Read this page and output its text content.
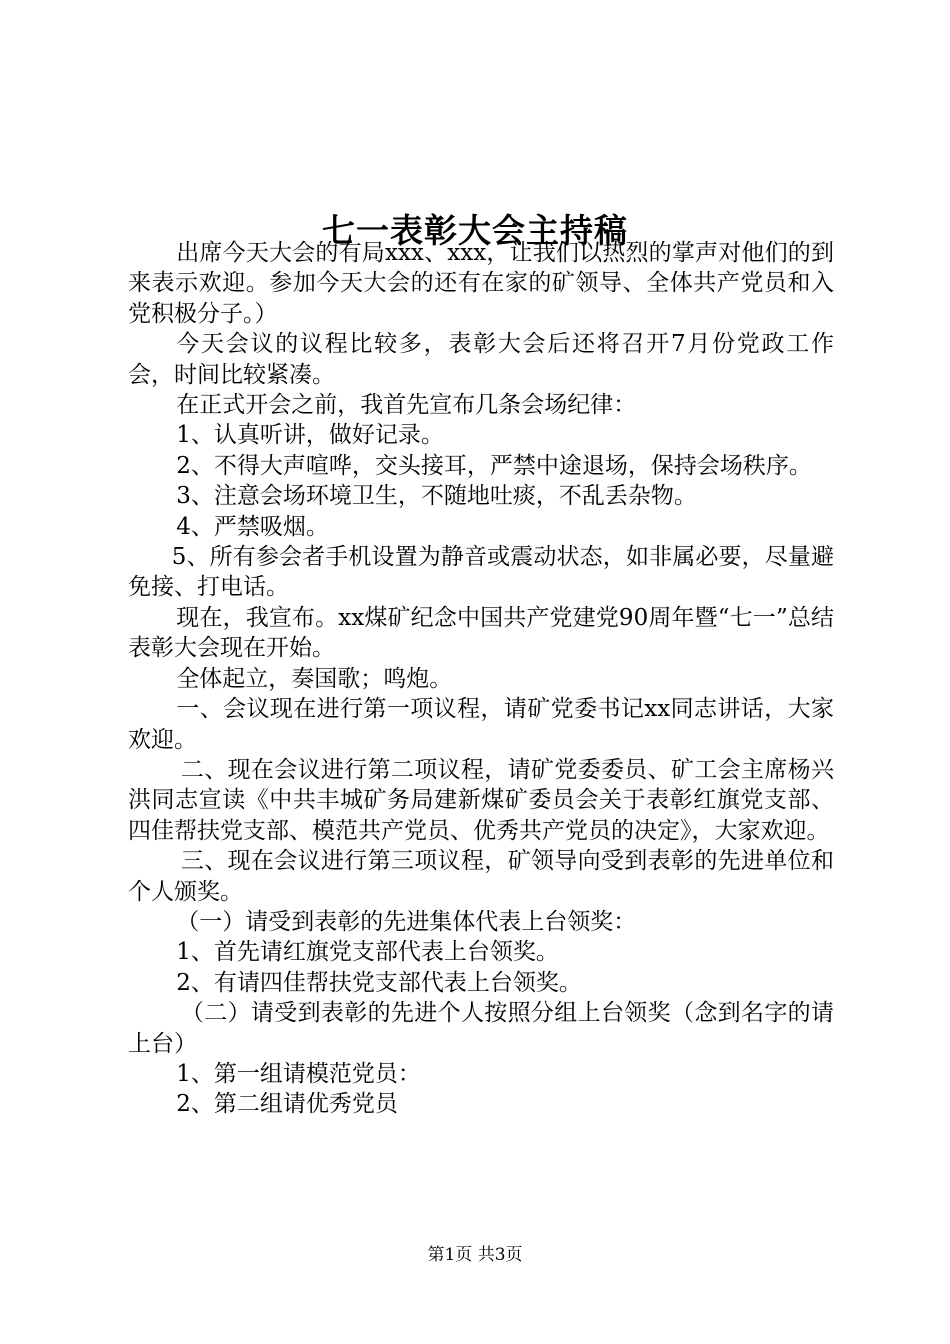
七一表彰大会主持稿

出席今天大会的有局xxx、xxx，让我们以热烈的掌声对他们的到来表示欢迎。参加今天大会的还有在家的矿领导、全体共产党员和入党积极分子。）

今天会议的议程比较多，表彰大会后还将召开7月份党政工作会，时间比较紧凑。

在正式开会之前，我首先宣布几条会场纪律：

1、认真听讲，做好记录。

2、不得大声喧哗，交头接耳，严禁中途退场，保持会场秩序。

3、注意会场环境卫生，不随地吐痰，不乱丢杂物。

4、严禁吸烟。

5、所有参会者手机设置为静音或震动状态，如非属必要，尽量避免接、打电话。

现在，我宣布。xx煤矿纪念中国共产党建党90周年暨“七一”总结表彰大会现在开始。

全体起立，奏国歌；鸣炮。

一、会议现在进行第一项议程，请矿党委书记xx同志讲话，大家欢迎。

二、现在会议进行第二项议程，请矿党委委员、矿工会主席杨兴洪同志宣读《中共丰城矿务局建新煤矿委员会关于表彰红旗党支部、四佳帮扶党支部、模范共产党员、优秀共产党员的决定》，大家欢迎。

三、现在会议进行第三项议程，矿领导向受到表彰的先进单位和个人颁奖。

（一）请受到表彰的先进集体代表上台领奖：

1、首先请红旗党支部代表上台领奖。

2、有请四佳帮扶党支部代表上台领奖。

（二）请受到表彰的先进个人按照分组上台领奖（念到名字的请上台）

1、第一组请模范党员：

2、第二组请优秀党员

第1页 共3页
